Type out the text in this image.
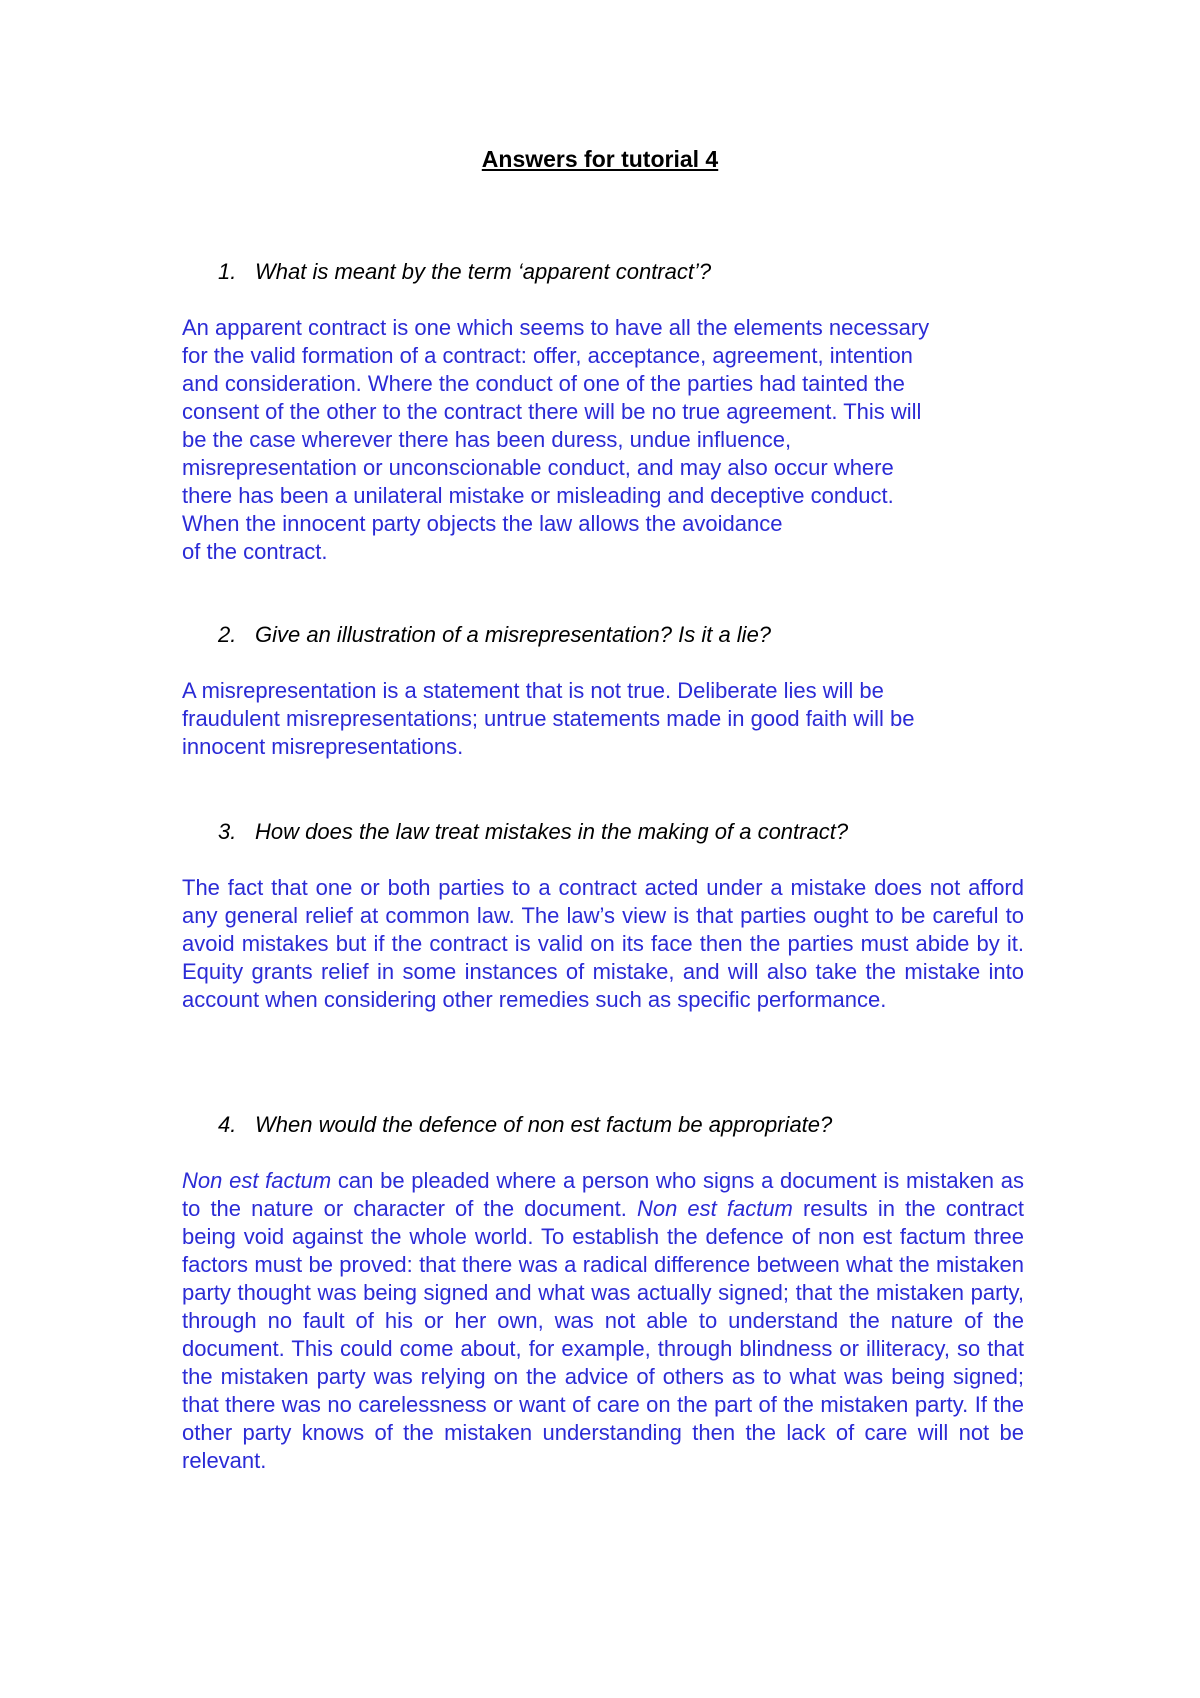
Answers for tutorial 4
1. What is meant by the term ‘apparent contract’?

An apparent contract is one which seems to have all the elements necessary

for the valid formation of a contract: offer, acceptance, agreement, intention

and consideration. Where the conduct of one of the parties had tainted the

consent of the other to the contract there will be no true agreement. This will

be the case wherever there has been duress, undue influence,

misrepresentation or unconscionable conduct, and may also occur where

there has been a unilateral mistake or misleading and deceptive conduct.

When the innocent party objects the law allows the avoidance

of the contract.

2. Give an illustration of a misrepresentation? Is it a lie?

A misrepresentation is a statement that is not true. Deliberate lies will be

fraudulent misrepresentations; untrue statements made in good faith will be

innocent misrepresentations.

3. How does the law treat mistakes in the making of a contract?

The fact that one or both parties to a contract acted under a mistake does not afford any general relief at common law. The law’s view is that parties ought to be careful to avoid mistakes but if the contract is valid on its face then the parties must abide by it. Equity grants relief in some instances of mistake, and will also take the mistake into account when considering other remedies such as specific performance.

4. When would the defence of non est factum be appropriate?

Non est factum can be pleaded where a person who signs a document is mistaken as to the nature or character of the document. Non est factum results in the contract being void against the whole world. To establish the defence of non est factum three factors must be proved: that there was a radical difference between what the mistaken party thought was being signed and what was actually signed; that the mistaken party, through no fault of his or her own, was not able to understand the nature of the document. This could come about, for example, through blindness or illiteracy, so that the mistaken party was relying on the advice of others as to what was being signed; that there was no carelessness or want of care on the part of the mistaken party. If the other party knows of the mistaken understanding then the lack of care will not be relevant.
